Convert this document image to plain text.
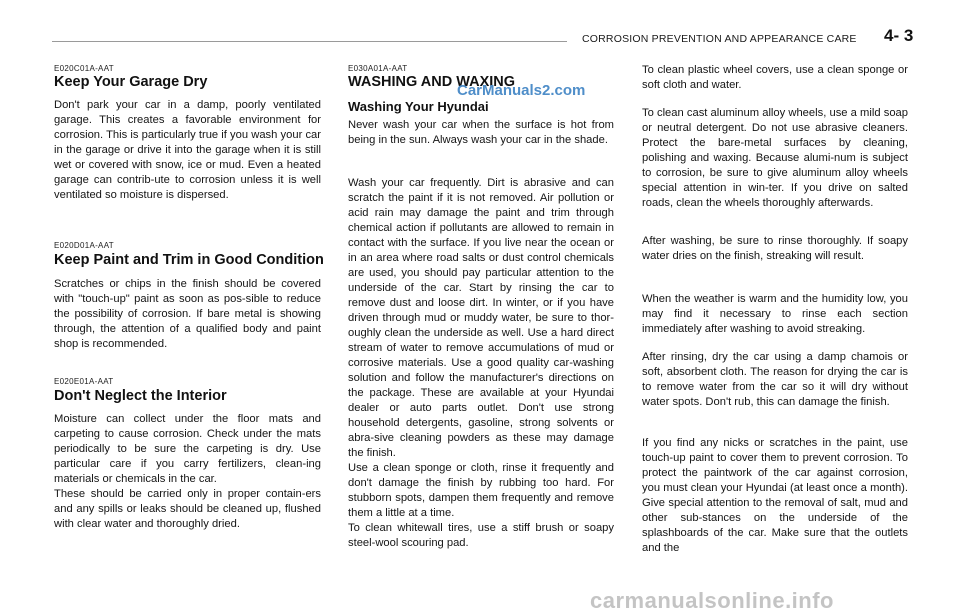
CORROSION PREVENTION AND APPEARANCE CARE 4- 3
E020C01A-AAT
Keep Your Garage Dry

Don't park your car in a damp, poorly ventilated garage. This creates a favorable environment for corrosion. This is particularly true if you wash your car in the garage or drive it into the garage when it is still wet or covered with snow, ice or mud. Even a heated garage can contrib-ute to corrosion unless it is well ventilated so moisture is dispersed.

E020D01A-AAT
Keep Paint and Trim in Good Condition

Scratches or chips in the finish should be covered with "touch-up" paint as soon as pos-sible to reduce the possibility of corrosion. If bare metal is showing through, the attention of a qualified body and paint shop is recommended.

E020E01A-AAT
Don't Neglect the Interior
Moisture can collect under the floor mats and carpeting to cause corrosion. Check under the mats periodically to be sure the carpeting is dry. Use particular care if you carry fertilizers, clean-ing materials or chemicals in the car.
These should be carried only in proper contain-ers and any spills or leaks should be cleaned up, flushed with clear water and thoroughly dried.
E030A01A-AAT
WASHING AND WAXING
Washing Your Hyundai

Never wash your car when the surface is hot from being in the sun. Always wash your car in the shade.

Wash your car frequently. Dirt is abrasive and can scratch the paint if it is not removed. Air pollution or acid rain may damage the paint and trim through chemical action if pollutants are allowed to remain in contact with the surface. If you live near the ocean or in an area where road salts or dust control chemicals are used, you should pay particular attention to the underside of the car. Start by rinsing the car to remove dust and loose dirt. In winter, or if you have driven through mud or muddy water, be sure to thor-oughly clean the underside as well. Use a hard direct stream of water to remove accumulations of mud or corrosive materials. Use a good quality car-washing solution and follow the manufacturer's directions on the package. These are available at your Hyundai dealer or auto parts outlet. Don't use strong household detergents, gasoline, strong solvents or abra-sive cleaning powders as these may damage the finish.
Use a clean sponge or cloth, rinse it frequently and don't damage the finish by rubbing too hard. For stubborn spots, dampen them frequently and remove them a little at a time.
To clean whitewall tires, use a stiff brush or soapy steel-wool scouring pad.

To clean plastic wheel covers, use a clean sponge or soft cloth and water.

To clean cast aluminum alloy wheels, use a mild soap or neutral detergent. Do not use abrasive cleaners. Protect the bare-metal surfaces by cleaning, polishing and waxing. Because alumi-num is subject to corrosion, be sure to give aluminum alloy wheels special attention in win-ter. If you drive on salted roads, clean the wheels thoroughly afterwards.

After washing, be sure to rinse thoroughly. If soapy water dries on the finish, streaking will result.

When the weather is warm and the humidity low, you may find it necessary to rinse each section immediately after washing to avoid streaking.

After rinsing, dry the car using a damp chamois or soft, absorbent cloth. The reason for drying the car is to remove water from the car so it will dry without water spots. Don't rub, this can damage the finish.

If you find any nicks or scratches in the paint, use touch-up paint to cover them to prevent corrosion. To protect the paintwork of the car against corrosion, you must clean your Hyundai (at least once a month). Give special attention to the removal of salt, mud and other sub-stances on the underside of the splashboards of the car. Make sure that the outlets and the

CarManuals2.com
carmanualsonline.info
